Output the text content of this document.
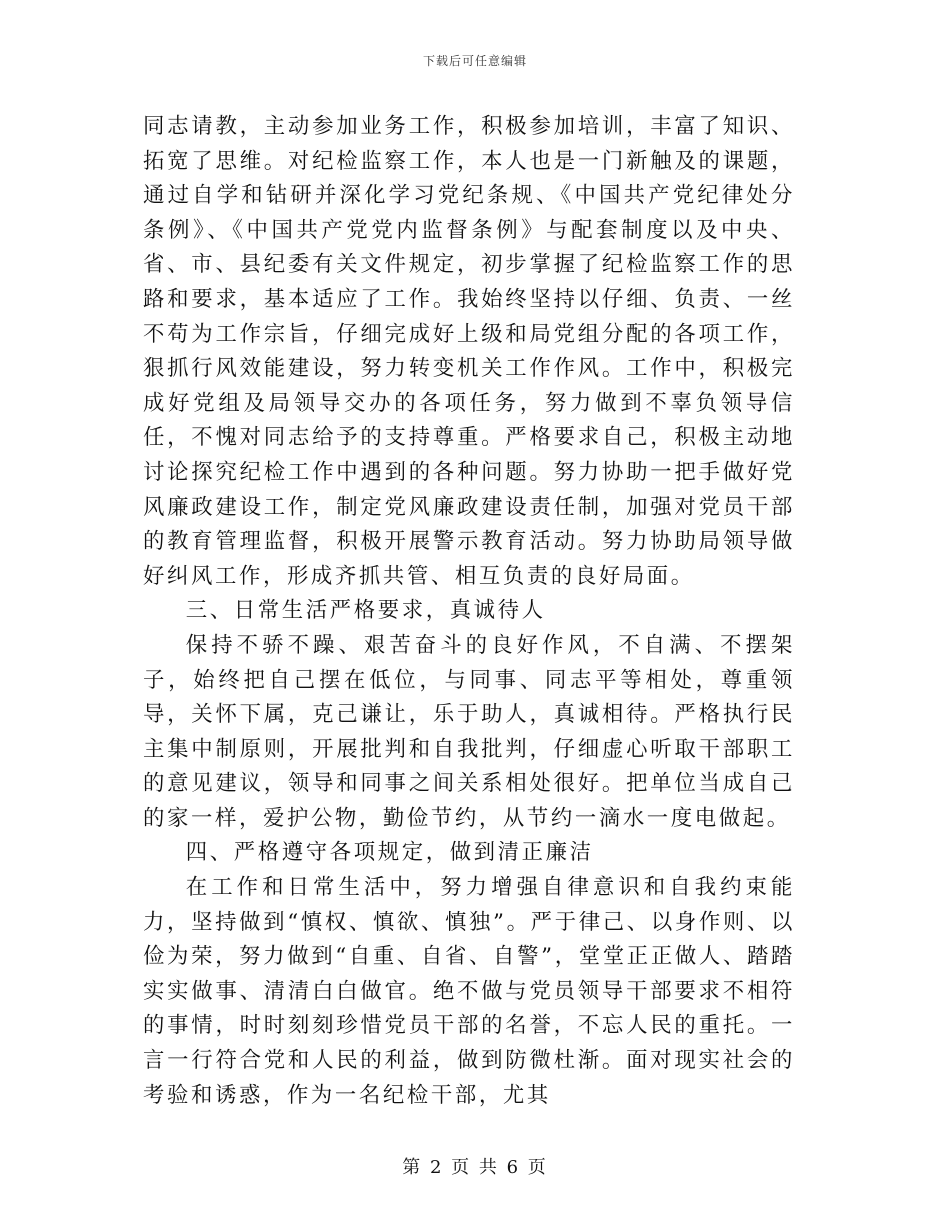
下载后可任意编辑

同志请教，主动参加业务工作，积极参加培训，丰富了知识、拓宽了思维。对纪检监察工作，本人也是一门新触及的课题，通过自学和钻研并深化学习党纪条规、《中国共产党纪律处分条例》、《中国共产党党内监督条例》与配套制度以及中央、省、市、县纪委有关文件规定，初步掌握了纪检监察工作的思路和要求，基本适应了工作。我始终坚持以仔细、负责、一丝不苟为工作宗旨，仔细完成好上级和局党组分配的各项工作，狠抓行风效能建设，努力转变机关工作作风。工作中，积极完成好党组及局领导交办的各项任务，努力做到不辜负领导信任，不愧对同志给予的支持尊重。严格要求自己，积极主动地讨论探究纪检工作中遇到的各种问题。努力协助一把手做好党风廉政建设工作，制定党风廉政建设责任制，加强对党员干部的教育管理监督，积极开展警示教育活动。努力协助局领导做好纠风工作，形成齐抓共管、相互负责的良好局面。

三、日常生活严格要求，真诚待人

保持不骄不躁、艰苦奋斗的良好作风，不自满、不摆架子，始终把自己摆在低位，与同事、同志平等相处，尊重领导，关怀下属，克己谦让，乐于助人，真诚相待。严格执行民主集中制原则，开展批判和自我批判，仔细虚心听取干部职工的意见建议，领导和同事之间关系相处很好。把单位当成自己的家一样，爱护公物，勤俭节约，从节约一滴水一度电做起。

四、严格遵守各项规定，做到清正廉洁

在工作和日常生活中，努力增强自律意识和自我约束能力，坚持做到“慎权、慎欲、慎独”。严于律己、以身作则、以俭为荣，努力做到“自重、自省、自警”，堂堂正正做人、踏踏实实做事、清清白白做官。绝不做与党员领导干部要求不相符的事情，时时刻刻珍惜党员干部的名誉，不忘人民的重托。一言一行符合党和人民的利益，做到防微杜渐。面对现实社会的考验和诱惑，作为一名纪检干部，尤其

第 2 页 共 6 页
